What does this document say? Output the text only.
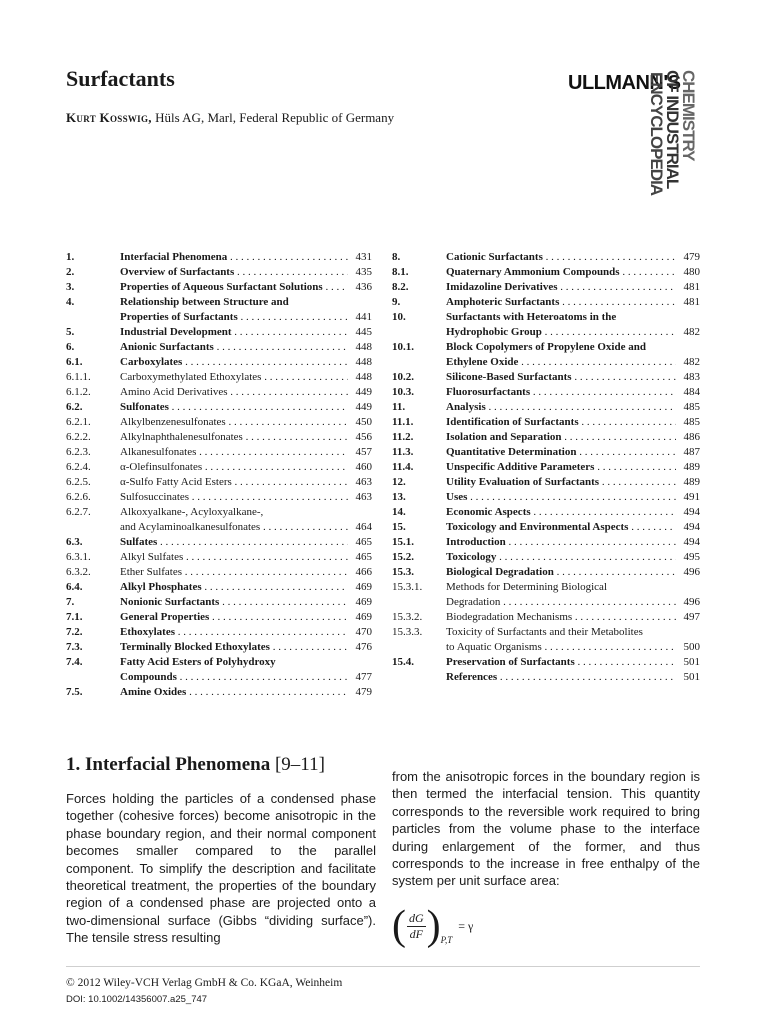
Surfactants
Kurt Kosswig, Hüls AG, Marl, Federal Republic of Germany
ULLMANN'S
ENCYCLOPEDIA
OF INDUSTRIAL
CHEMISTRY
1.	Interfacial Phenomena . . .	431
2.	Overview of Surfactants . . .	435
3.	Properties of Aqueous Surfactant Solutions . . .	436
4.	Relationship between Structure and
Properties of Surfactants . . .	441
5.	Industrial Development . . .	445
6.	Anionic Surfactants . . .	448
6.1.	Carboxylates . . .	448
6.1.1.	Carboxymethylated Ethoxylates . . .	448
6.1.2.	Amino Acid Derivatives . . .	449
6.2.	Sulfonates . . .	449
6.2.1.	Alkylbenzenesulfonates . . .	450
6.2.2.	Alkylnaphthalenesulfonates . . .	456
6.2.3.	Alkanesulfonates . . .	457
6.2.4.	α-Olefinsulfonates . . .	460
6.2.5.	α-Sulfo Fatty Acid Esters . . .	463
6.2.6.	Sulfosuccinates . . .	463
6.2.7.	Alkoxyalkane-, Acyloxyalkane-,
and Acylaminoalkanesulfonates . . .	464
6.3.	Sulfates . . .	465
6.3.1.	Alkyl Sulfates . . .	465
6.3.2.	Ether Sulfates . . .	466
6.4.	Alkyl Phosphates . . .	469
7.	Nonionic Surfactants . . .	469
7.1.	General Properties . . .	469
7.2.	Ethoxylates . . .	470
7.3.	Terminally Blocked Ethoxylates . . .	476
7.4.	Fatty Acid Esters of Polyhydroxy
Compounds . . .	477
7.5.	Amine Oxides . . .	479
8.	Cationic Surfactants . . .	479
8.1.	Quaternary Ammonium Compounds . . .	480
8.2.	Imidazoline Derivatives . . .	481
9.	Amphoteric Surfactants . . .	481
10.	Surfactants with Heteroatoms in the
Hydrophobic Group . . .	482
10.1.	Block Copolymers of Propylene Oxide and
Ethylene Oxide . . .	482
10.2.	Silicone-Based Surfactants . . .	483
10.3.	Fluorosurfactants . . .	484
11.	Analysis . . .	485
11.1.	Identification of Surfactants . . .	485
11.2.	Isolation and Separation . . .	486
11.3.	Quantitative Determination . . .	487
11.4.	Unspecific Additive Parameters . . .	489
12.	Utility Evaluation of Surfactants . . .	489
13.	Uses . . .	491
14.	Economic Aspects . . .	494
15.	Toxicology and Environmental Aspects . . .	494
15.1.	Introduction . . .	494
15.2.	Toxicology . . .	495
15.3.	Biological Degradation . . .	496
15.3.1.	Methods for Determining Biological
Degradation . . .	496
15.3.2.	Biodegradation Mechanisms . . .	497
15.3.3.	Toxicity of Surfactants and their Metabolites
to Aquatic Organisms . . .	500
15.4.	Preservation of Surfactants . . .	501
References . . .	501
1. Interfacial Phenomena [9–11]
Forces holding the particles of a condensed phase together (cohesive forces) become anisotropic in the phase boundary region, and their normal component becomes smaller compared to the parallel component. To simplify the description and facilitate theoretical treatment, the properties of the boundary region of a condensed phase are projected onto a two-dimensional surface (Gibbs “dividing surface”). The tensile stress resulting
from the anisotropic forces in the boundary region is then termed the interfacial tension. This quantity corresponds to the reversible work required to bring particles from the volume phase to the interface during enlargement of the former, and thus corresponds to the increase in free enthalpy of the system per unit surface area:
( $\frac{dG}{dF}$ ) P,T
= γ
© 2012 Wiley-VCH Verlag GmbH & Co. KGaA, Weinheim
DOI: 10.1002/14356007.a25_747
